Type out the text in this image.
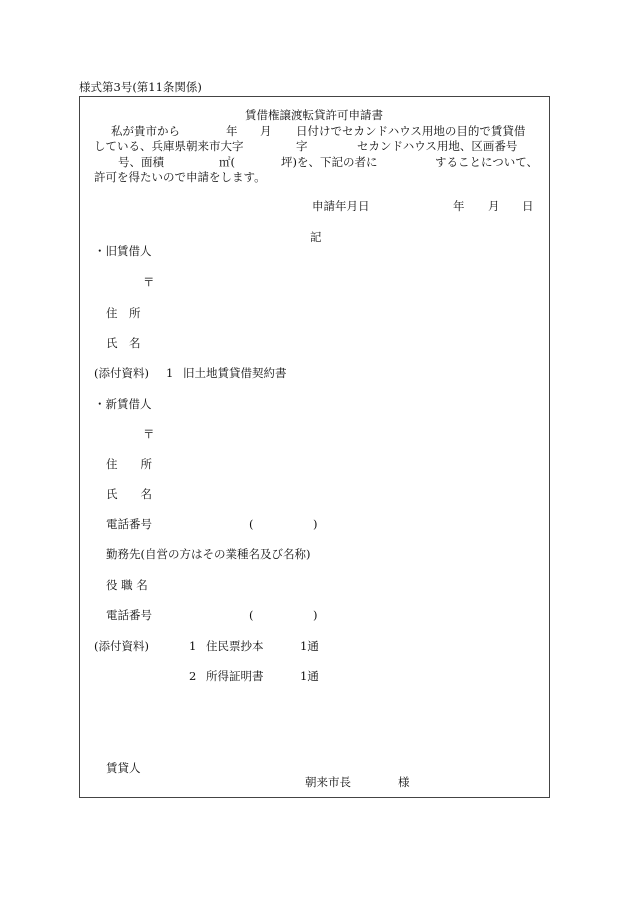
様式第3号(第11条関係)
賃借権譲渡転貸許可申請書
私が貴市から	年 月 日付けでセカンドハウス用地の目的で賃貸借
している、兵庫県朝来市大字	字	セカンドハウス用地、区画番号
号、面積	㎡(	坪)を、下記の者に	することについて、
許可を得たいので申請をします。
申請年月日	年 月 日
記
・旧賃借人
〒
住　所
氏　名
(添付資料) 1 旧土地賃貸借契約書
・新賃借人
〒
住　　所
氏　　名
電話番号	(	)
勤務先(自営の方はその業種名及び名称)
役 職 名
電話番号	(	)
(添付資料)	1 住民票抄本	1通
2 所得証明書	1通
賃貸人
朝来市長	様
